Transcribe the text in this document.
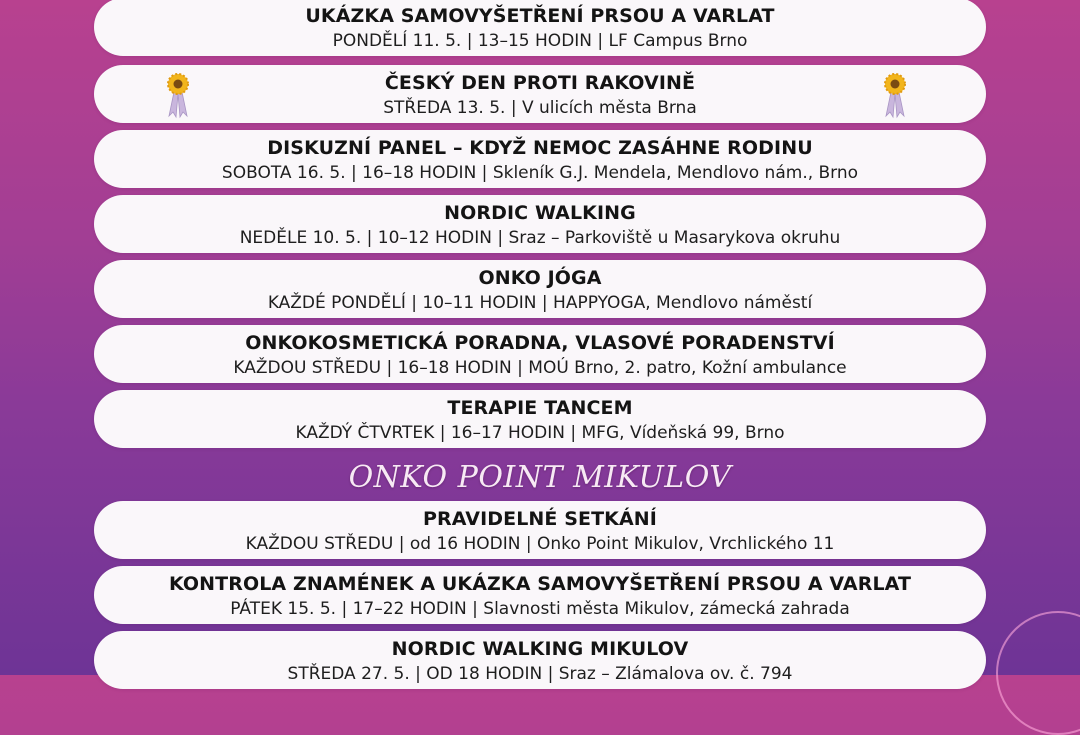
UKÁZKA SAMOVYŠETŘENÍ PRSOU A VARLAT
PONDĚLÍ 11. 5. | 13–15 HODIN | LF Campus Brno
ČESKÝ DEN PROTI RAKOVINĚ
STŘEDA 13. 5. | V ulicích města Brna
DISKUZNÍ PANEL – KDYŽ NEMOC ZASÁHNE RODINU
SOBOTA 16. 5. | 16–18 HODIN | Skleník G.J. Mendela, Mendlovo nám., Brno
NORDIC WALKING
NEDĚLE 10. 5. | 10–12 HODIN | Sraz – Parkoviště u Masarykova okruhu
ONKO JÓGA
KAŽDÉ PONDĚLÍ | 10–11 HODIN | HAPPYOGA, Mendlovo náměstí
ONKOKOSMETICKÁ PORADNA, VLASOVÉ PORADENSTVÍ
KAŽDOU STŘEDU | 16–18 HODIN | MOÚ Brno, 2. patro, Kožní ambulance
TERAPIE TANCEM
KAŽDÝ ČTVRTEK | 16–17 HODIN | MFG, Vídeňská 99, Brno
ONKO POINT MIKULOV
PRAVIDELNÉ SETKÁNÍ
KAŽDOU STŘEDU | od 16 HODIN | Onko Point Mikulov, Vrchlického 11
KONTROLA ZNAMÉNEK A UKÁZKA SAMOVYŠETŘENÍ PRSOU A VARLAT
PÁTEK 15. 5. | 17–22 HODIN | Slavnosti města Mikulov, zámecká zahrada
NORDIC WALKING MIKULOV
STŘEDA 27. 5. | OD 18 HODIN | Sraz – Zlámalova ov. č. 794
